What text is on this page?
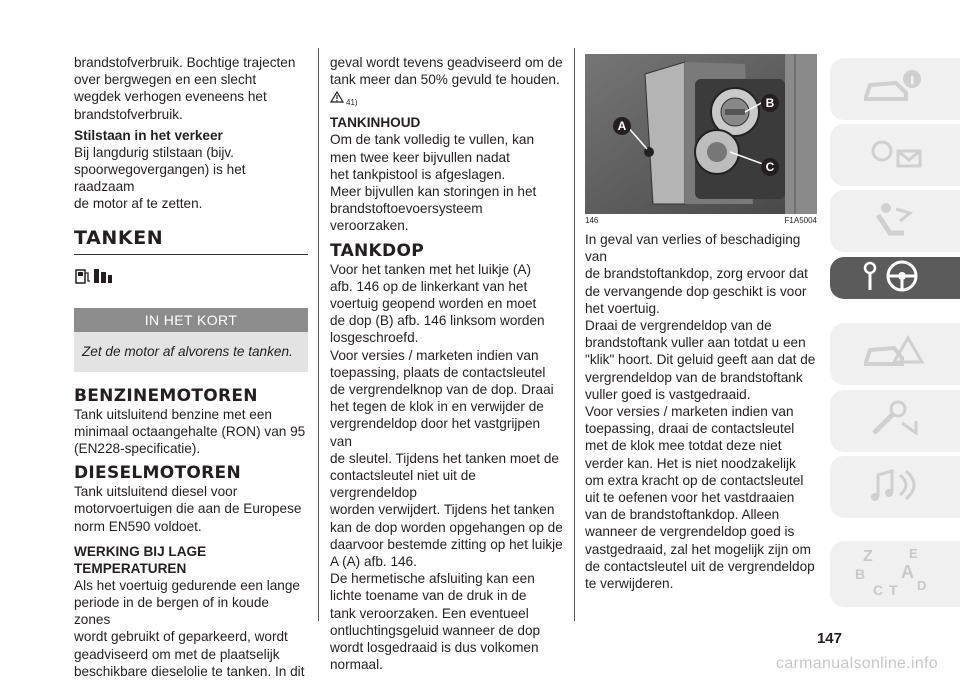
brandstofverbruik. Bochtige trajecten

over bergwegen en een slecht

wegdek verhogen eveneens het

brandstofverbruik.

Stilstaan in het verkeer

Bij langdurig stilstaan (bijv.

spoorwegovergangen) is het raadzaam

de motor af te zetten.

TANKEN

IN HET KORT
Zet de motor af alvorens te tanken.

BENZINEMOTOREN

Tank uitsluitend benzine met een

minimaal octaangehalte (RON) van 95

(EN228-specificatie).

DIESELMOTOREN

Tank uitsluitend diesel voor

motorvoertuigen die aan de Europese

norm EN590 voldoet.

WERKING BIJ LAGE

TEMPERATUREN

Als het voertuig gedurende een lange

periode in de bergen of in koude zones

wordt gebruikt of geparkeerd, wordt

geadviseerd om met de plaatselijk

beschikbare dieselolie te tanken. In dit

geval wordt tevens geadviseerd om de

tank meer dan 50% gevuld te houden.

41)

TANKINHOUD

Om de tank volledig te vullen, kan

men twee keer bijvullen nadat

het tankpistool is afgeslagen.

Meer bijvullen kan storingen in het

brandstoftoevoersysteem veroorzaken.

TANKDOP

Voor het tanken met het luikje (A)

afb. 146 op de linkerkant van het

voertuig geopend worden en moet

de dop (B) afb. 146 linksom worden

losgeschroefd.

Voor versies / marketen indien van

toepassing, plaats de contactsleutel

de vergrendelknop van de dop. Draai

het tegen de klok in en verwijder de

vergrendeldop door het vastgrijpen van

de sleutel. Tijdens het tanken moet de

contactsleutel niet uit de vergrendeldop

worden verwijdert. Tijdens het tanken

kan de dop worden opgehangen op de

daarvoor bestemde zitting op het luikje

A (A) afb. 146.

De hermetische afsluiting kan een

lichte toename van de druk in de

tank veroorzaken. Een eventueel

ontluchtingsgeluid wanneer de dop

wordt losgedraaid is dus volkomen

normaal.

A
B
C
146	F1A5004

In geval van verlies of beschadiging van

de brandstoftankdop, zorg ervoor dat

de vervangende dop geschikt is voor

het voertuig.

Draai de vergrendeldop van de

brandstoftank vuller aan totdat u een

"klik" hoort. Dit geluid geeft aan dat de

vergrendeldop van de brandstoftank

vuller goed is vastgedraaid.

Voor versies / marketen indien van

toepassing, draai de contactsleutel

met de klok mee totdat deze niet

verder kan. Het is niet noodzakelijk

om extra kracht op de contactsleutel

uit te oefenen voor het vastdraaien

van de brandstoftankdop. Alleen

wanneer de vergrendeldop goed is

vastgedraaid, zal het mogelijk zijn om

de contactsleutel uit de vergrendeldop

te verwijderen.

Z	E
B A
C T D
147
carmanualsonline.info
